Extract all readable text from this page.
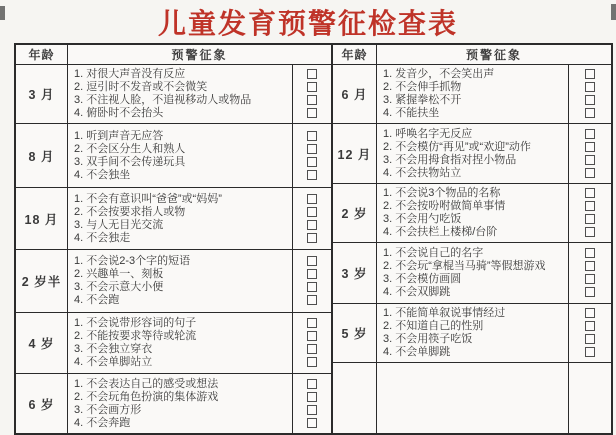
儿童发育预警征检查表
年龄	预警征象
3 月
1. 对很大声音没有反应
2. 逗引时不发音或不会微笑
3. 不注视人脸，不追视移动人或物品
4. 俯卧时不会抬头
8 月
1. 听到声音无应答
2. 不会区分生人和熟人
3. 双手间不会传递玩具
4. 不会独坐
18 月
1. 不会有意识叫“爸爸”或“妈妈”
2. 不会按要求指人或物
3. 与人无目光交流
4. 不会独走
2 岁半
1. 不会说2-3个字的短语
2. 兴趣单一、刻板
3. 不会示意大小便
4. 不会跑
4 岁
1. 不会说带形容词的句子
2. 不能按要求等待或轮流
3. 不会独立穿衣
4. 不会单脚站立
6 岁
1. 不会表达自己的感受或想法
2. 不会玩角色扮演的集体游戏
3. 不会画方形
4. 不会奔跑
年龄	预警征象
6 月
1. 发音少，不会笑出声
2. 不会伸手抓物
3. 紧握拳松不开
4. 不能扶坐
12 月
1. 呼唤名字无反应
2. 不会模仿“再见”或“欢迎”动作
3. 不会用拇食指对捏小物品
4. 不会扶物站立
2 岁
1. 不会说3个物品的名称
2. 不会按吩咐做简单事情
3. 不会用勺吃饭
4. 不会扶栏上楼梯/台阶
3 岁
1. 不会说自己的名字
2. 不会玩“拿棍当马骑”等假想游戏
3. 不会模仿画圆
4. 不会双脚跳
5 岁
1. 不能简单叙说事情经过
2. 不知道自己的性别
3. 不会用筷子吃饭
4. 不会单脚跳
